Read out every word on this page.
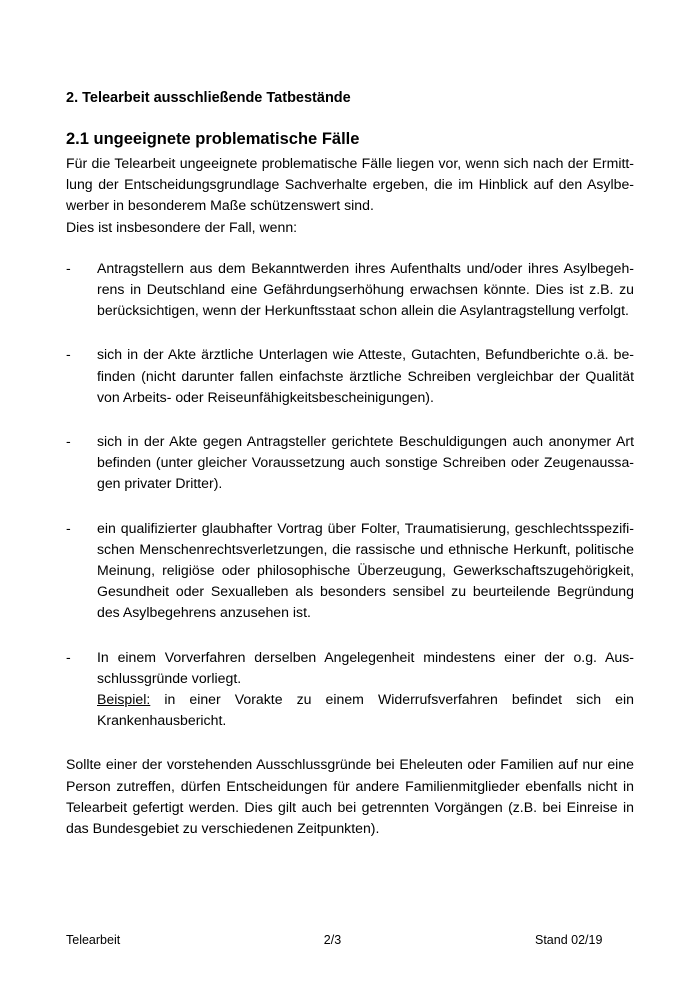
2. Telearbeit ausschließende Tatbestände

2.1 ungeeignete problematische Fälle

Für die Telearbeit ungeeignete problematische Fälle liegen vor, wenn sich nach der Ermittlung der Entscheidungsgrundlage Sachverhalte ergeben, die im Hinblick auf den Asylbewerber in besonderem Maße schützenswert sind.

Dies ist insbesondere der Fall, wenn:

-	Antragstellern aus dem Bekanntwerden ihres Aufenthalts und/oder ihres Asylbegehrens in Deutschland eine Gefährdungserhöhung erwachsen könnte. Dies ist z.B. zu berücksichtigen, wenn der Herkunftsstaat schon allein die Asylantragstellung verfolgt.
-	sich in der Akte ärztliche Unterlagen wie Atteste, Gutachten, Befundberichte o.ä. befinden (nicht darunter fallen einfachste ärztliche Schreiben vergleichbar der Qualität von Arbeits- oder Reiseunfähigkeitsbescheinigungen).
-	sich in der Akte gegen Antragsteller gerichtete Beschuldigungen auch anonymer Art befinden (unter gleicher Voraussetzung auch sonstige Schreiben oder Zeugenaussagen privater Dritter).
-	ein qualifizierter glaubhafter Vortrag über Folter, Traumatisierung, geschlechtsspezifischen Menschenrechtsverletzungen, die rassische und ethnische Herkunft, politische Meinung, religiöse oder philosophische Überzeugung, Gewerkschaftszugehörigkeit, Gesundheit oder Sexualleben als besonders sensibel zu beurteilende Begründung des Asylbegehrens anzusehen ist.
-	In einem Vorverfahren derselben Angelegenheit mindestens einer der o.g. Ausschlussgründe vorliegt.
Beispiel: in einer Vorakte zu einem Widerrufsverfahren befindet sich ein Krankenhausbericht.

Sollte einer der vorstehenden Ausschlussgründe bei Eheleuten oder Familien auf nur eine Person zutreffen, dürfen Entscheidungen für andere Familienmitglieder ebenfalls nicht in Telearbeit gefertigt werden. Dies gilt auch bei getrennten Vorgängen (z.B. bei Einreise in das Bundesgebiet zu verschiedenen Zeitpunkten).

Telearbeit	2/3	Stand 02/19
